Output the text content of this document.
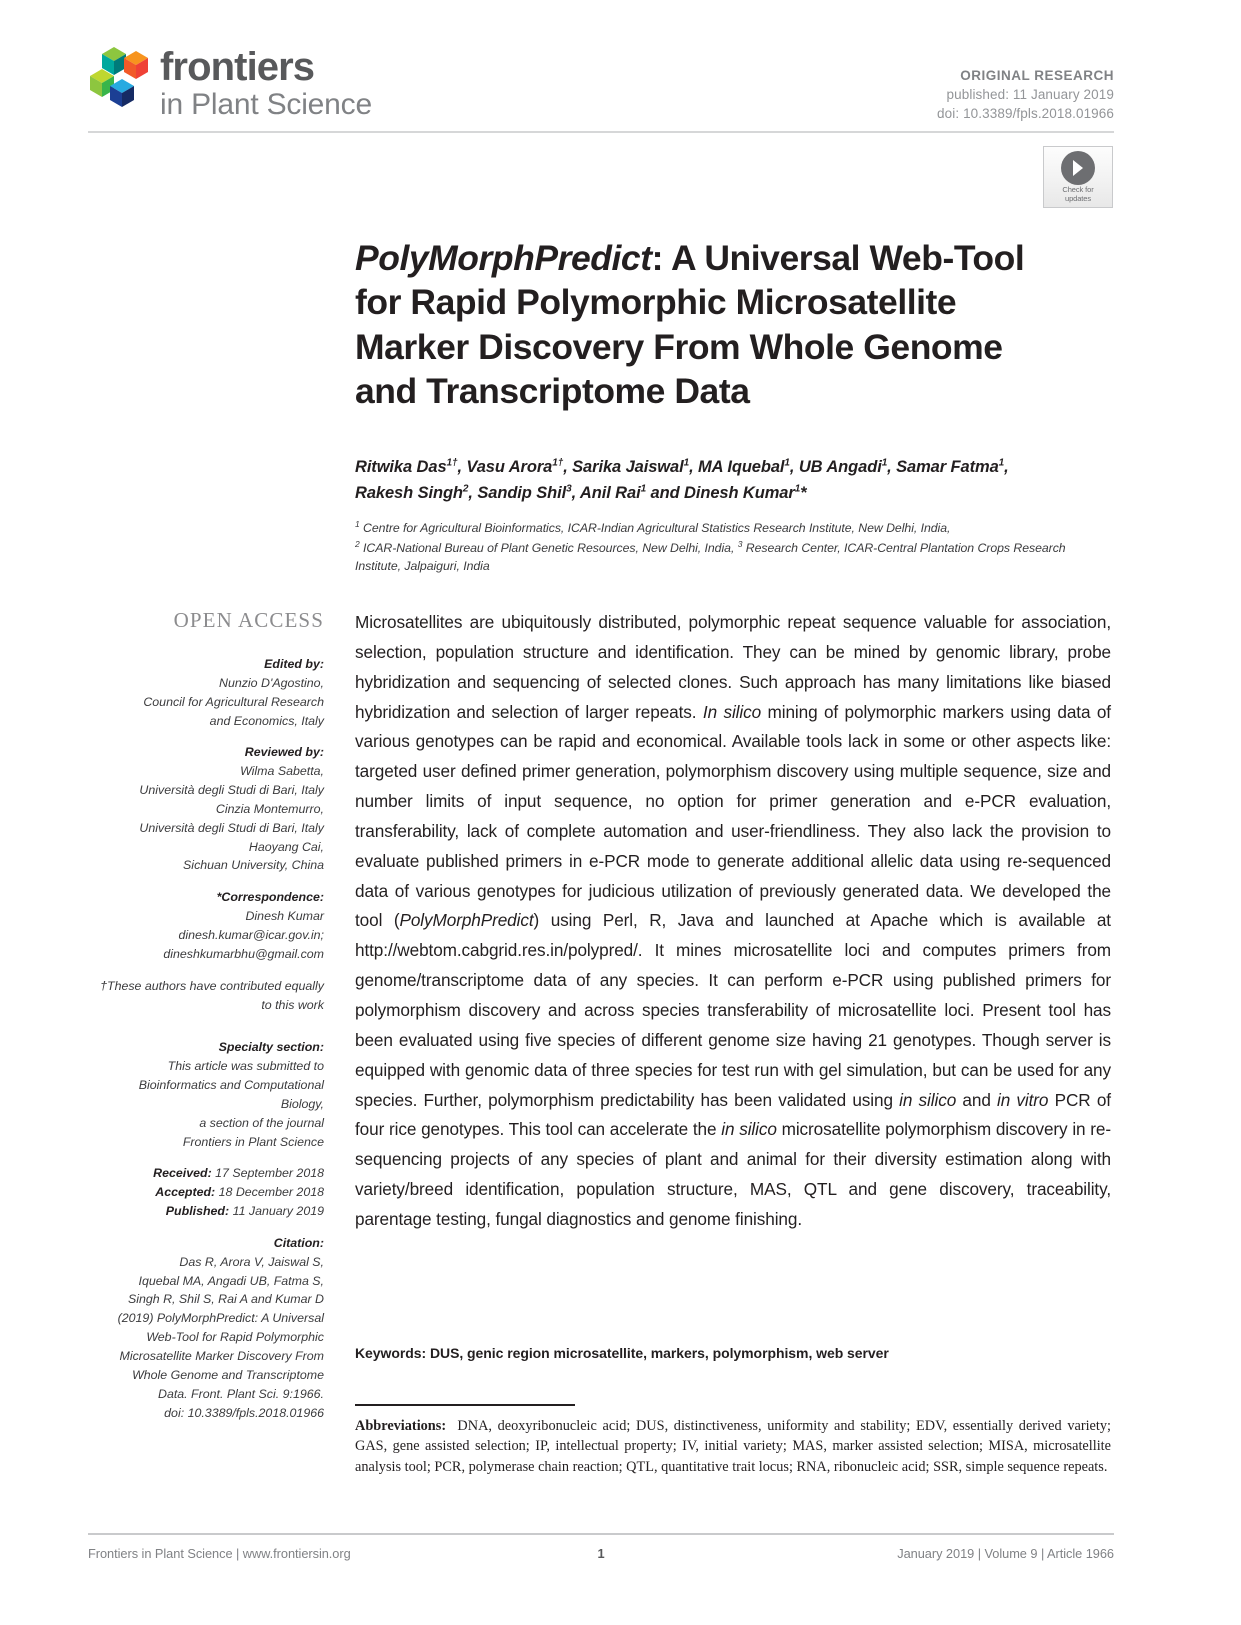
frontiers
in Plant Science
ORIGINAL RESEARCH
published: 11 January 2019
doi: 10.3389/fpls.2018.01966
Check for
updates
PolyMorphPredict: A Universal Web-Tool for Rapid Polymorphic Microsatellite Marker Discovery From Whole Genome and Transcriptome Data
Ritwika Das$^{1\dagger}$, Vasu Arora$^{1\dagger}$, Sarika Jaiswal$^1$, MA Iquebal$^1$, UB Angadi$^1$, Samar Fatma$^1$,
Rakesh Singh$^2$, Sandip Shil$^3$, Anil Rai$^1$ and Dinesh Kumar$^1$*
$^1$ Centre for Agricultural Bioinformatics, ICAR-Indian Agricultural Statistics Research Institute, New Delhi, India,
$^2$ ICAR-National Bureau of Plant Genetic Resources, New Delhi, India, $^3$ Research Center, ICAR-Central Plantation Crops Research Institute, Jalpaiguri, India
OPEN ACCESS
Edited by:
Nunzio D'Agostino,
Council for Agricultural Research
and Economics, Italy
Reviewed by:
Wilma Sabetta,
Università degli Studi di Bari, Italy
Cinzia Montemurro,
Università degli Studi di Bari, Italy
Haoyang Cai,
Sichuan University, China
*Correspondence:
Dinesh Kumar
dinesh.kumar@icar.gov.in;
dineshkumarbhu@gmail.com
†These authors have contributed equally to this work
Specialty section:
This article was submitted to
Bioinformatics and Computational
Biology,
a section of the journal
Frontiers in Plant Science
Received: 17 September 2018
Accepted: 18 December 2018
Published: 11 January 2019
Citation:
Das R, Arora V, Jaiswal S,
Iquebal MA, Angadi UB, Fatma S,
Singh R, Shil S, Rai A and Kumar D
(2019) PolyMorphPredict: A Universal
Web-Tool for Rapid Polymorphic
Microsatellite Marker Discovery From
Whole Genome and Transcriptome
Data. Front. Plant Sci. 9:1966.
doi: 10.3389/fpls.2018.01966
Microsatellites are ubiquitously distributed, polymorphic repeat sequence valuable for association, selection, population structure and identification. They can be mined by genomic library, probe hybridization and sequencing of selected clones. Such approach has many limitations like biased hybridization and selection of larger repeats. In silico mining of polymorphic markers using data of various genotypes can be rapid and economical. Available tools lack in some or other aspects like: targeted user defined primer generation, polymorphism discovery using multiple sequence, size and number limits of input sequence, no option for primer generation and e-PCR evaluation, transferability, lack of complete automation and user-friendliness. They also lack the provision to evaluate published primers in e-PCR mode to generate additional allelic data using re-sequenced data of various genotypes for judicious utilization of previously generated data. We developed the tool (PolyMorphPredict) using Perl, R, Java and launched at Apache which is available at http://webtom.cabgrid.res.in/polypred/. It mines microsatellite loci and computes primers from genome/transcriptome data of any species. It can perform e-PCR using published primers for polymorphism discovery and across species transferability of microsatellite loci. Present tool has been evaluated using five species of different genome size having 21 genotypes. Though server is equipped with genomic data of three species for test run with gel simulation, but can be used for any species. Further, polymorphism predictability has been validated using in silico and in vitro PCR of four rice genotypes. This tool can accelerate the in silico microsatellite polymorphism discovery in re-sequencing projects of any species of plant and animal for their diversity estimation along with variety/breed identification, population structure, MAS, QTL and gene discovery, traceability, parentage testing, fungal diagnostics and genome finishing.
Keywords: DUS, genic region microsatellite, markers, polymorphism, web server
Abbreviations: DNA, deoxyribonucleic acid; DUS, distinctiveness, uniformity and stability; EDV, essentially derived variety; GAS, gene assisted selection; IP, intellectual property; IV, initial variety; MAS, marker assisted selection; MISA, microsatellite analysis tool; PCR, polymerase chain reaction; QTL, quantitative trait locus; RNA, ribonucleic acid; SSR, simple sequence repeats.
Frontiers in Plant Science | www.frontiersin.org	1	January 2019 | Volume 9 | Article 1966
